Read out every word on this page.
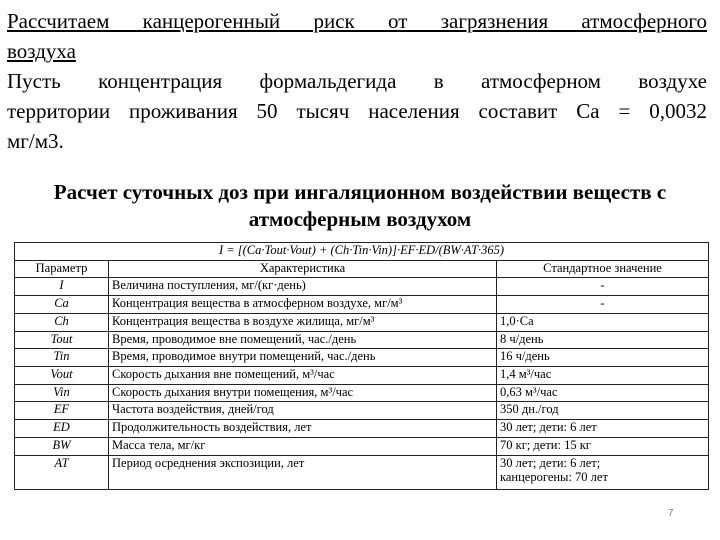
Рассчитаем канцерогенный риск от загрязнения атмосферного
воздуха
Пусть концентрация формальдегида в атмосферном воздухе
территории проживания 50 тысяч населения составит Са = 0,0032
мг/м3.
Расчет суточных доз при ингаляционном воздействии веществ с
атмосферным воздухом
I = [(Ca·Tout·Vout) + (Ch·Tin·Vin)]·EF·ED/(BW·AT·365)		
Параметр	Характеристика	Стандартное значение
I	Величина поступления, мг/(кг·день)	-
Ca	Концентрация вещества в атмосферном воздухе, мг/м³	-
Ch	Концентрация вещества в воздухе жилища, мг/м³	1,0·Ca
Tout	Время, проводимое вне помещений, час./день	8 ч/день
Tin	Время, проводимое внутри помещений, час./день	16 ч/день
Vout	Скорость дыхания вне помещений, м³/час	1,4 м³/час
Vin	Скорость дыхания внутри помещения, м³/час	0,63 м³/час
EF	Частота воздействия, дней/год	350 дн./год
ED	Продолжительность воздействия, лет	30 лет; дети: 6 лет
BW	Масса тела, мг/кг	70 кг; дети: 15 кг
AT	Период осреднения экспозиции, лет	30 лет; дети: 6 лет;
канцерогены: 70 лет
7
